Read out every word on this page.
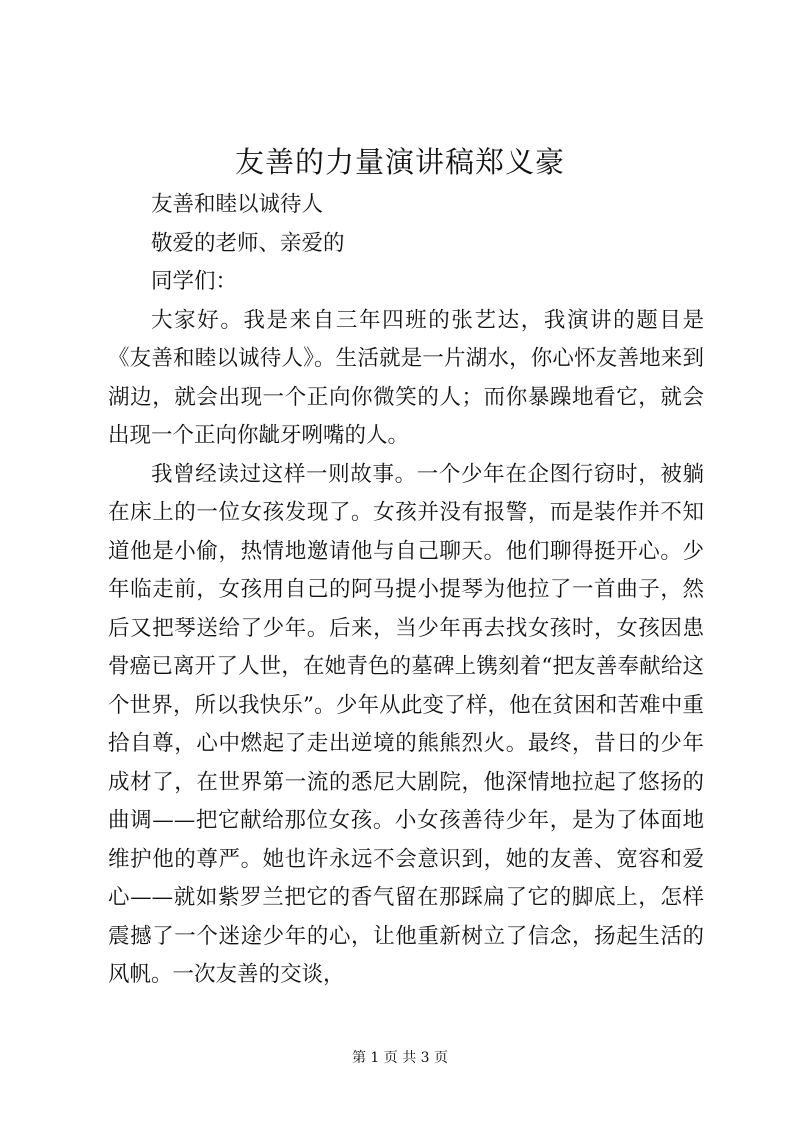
友善的力量演讲稿郑义豪

友善和睦以诚待人

敬爱的老师、亲爱的

同学们：

大家好。我是来自三年四班的张艺达，我演讲的题目是《友善和睦以诚待人》。生活就是一片湖水，你心怀友善地来到湖边，就会出现一个正向你微笑的人；而你暴躁地看它，就会出现一个正向你龇牙咧嘴的人。

我曾经读过这样一则故事。一个少年在企图行窃时，被躺在床上的一位女孩发现了。女孩并没有报警，而是装作并不知道他是小偷，热情地邀请他与自己聊天。他们聊得挺开心。少年临走前，女孩用自己的阿马提小提琴为他拉了一首曲子，然后又把琴送给了少年。后来，当少年再去找女孩时，女孩因患骨癌已离开了人世，在她青色的墓碑上镌刻着“把友善奉献给这个世界，所以我快乐”。少年从此变了样，他在贫困和苦难中重拾自尊，心中燃起了走出逆境的熊熊烈火。最终，昔日的少年成材了，在世界第一流的悉尼大剧院，他深情地拉起了悠扬的曲调——把它献给那位女孩。小女孩善待少年，是为了体面地维护他的尊严。她也许永远不会意识到，她的友善、宽容和爱心——就如紫罗兰把它的香气留在那踩扁了它的脚底上，怎样震撼了一个迷途少年的心，让他重新树立了信念，扬起生活的风帆。一次友善的交谈，

第 1 页 共 3 页
